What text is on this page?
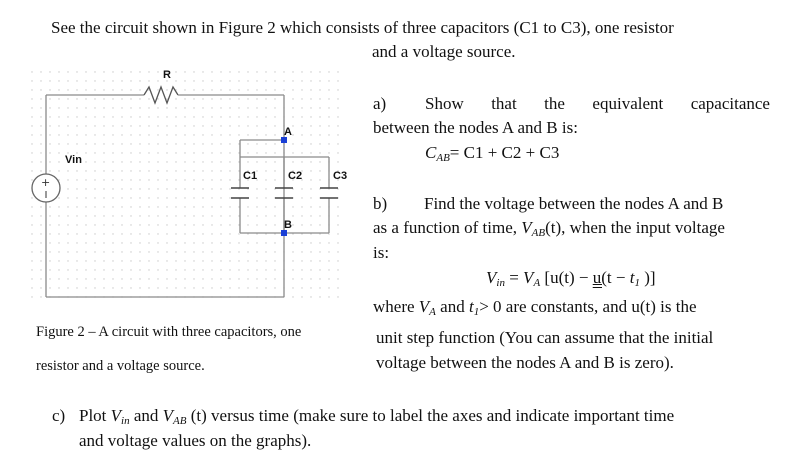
See the circuit shown in Figure 2 which consists of three capacitors (C1 to C3), one resistor
and a voltage source.
+
R
Vin
A
B
C1	C2	C3
Figure 2 – A circuit with three capacitors, one
resistor and a voltage source.
a) Show that the equivalent capacitance
between the nodes A and B is:
$C_{AB}= C1 + C2 + C3$
b) Find the voltage between the nodes A and B
as a function of time, $V_{AB}(t)$, when the input voltage
is:
$V_{in} = V_A$ [$u(t) - u(t - t_1$ )]
where $V_A$ and $t_1> 0$ are constants, and u(t) is the
unit step function (You can assume that the initial
voltage between the nodes A and B is zero).
c) Plot $V_{in}$ and $V_{AB}$ (t) versus time (make sure to label the axes and indicate important time
and voltage values on the graphs).
